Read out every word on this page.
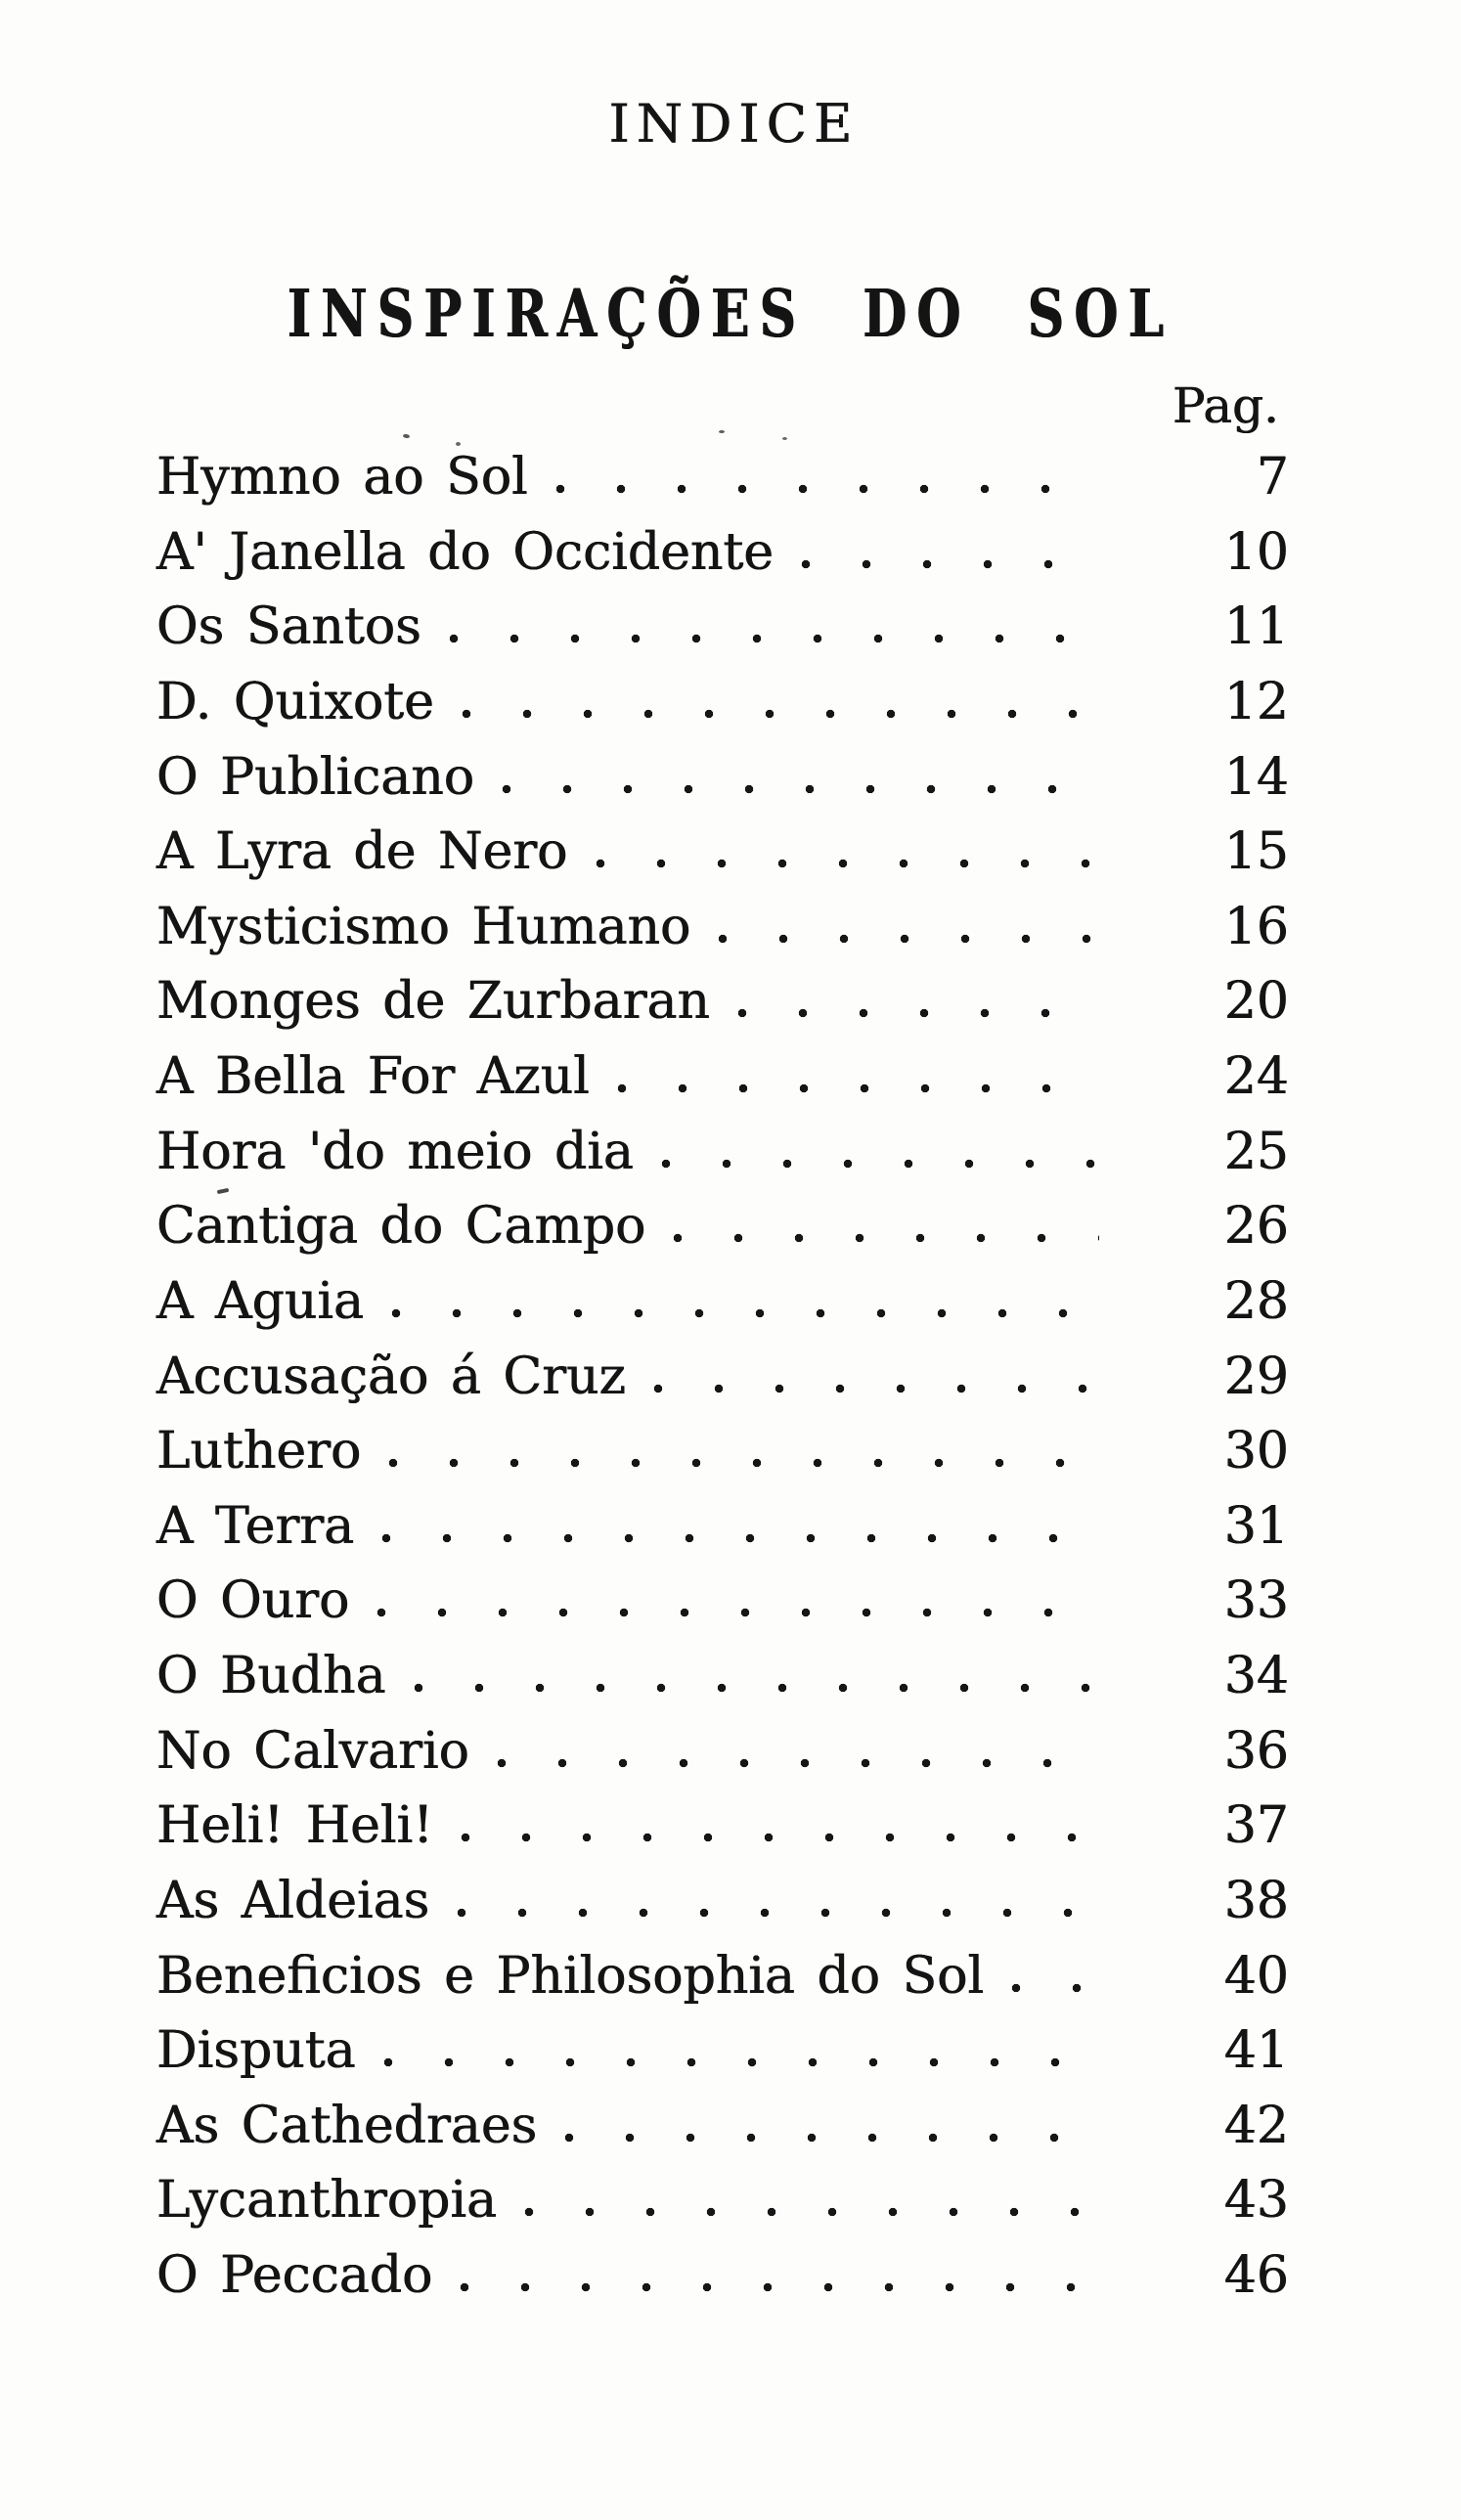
INDICE
INSPIRAÇÕES DO SOL
Pag.
Hymno ao Sol	7
A' Janella do Occidente	10
Os Santos	11
D. Quixote	12
O Publicano	14
A Lyra de Nero	15
Mysticismo Humano	16
Monges de Zurbaran	20
A Bella For Azul	24
Hora 'do meio dia	25
Cantiga do Campo	26
A Aguia	28
Accusação á Cruz	29
Luthero	30
A Terra	31
O Ouro	33
O Budha	34
No Calvario	36
Heli! Heli!	37
As Aldeias	38
Beneficios e Philosophia do Sol	40
Disputa	41
As Cathedraes	42
Lycanthropia	43
O Peccado	46
